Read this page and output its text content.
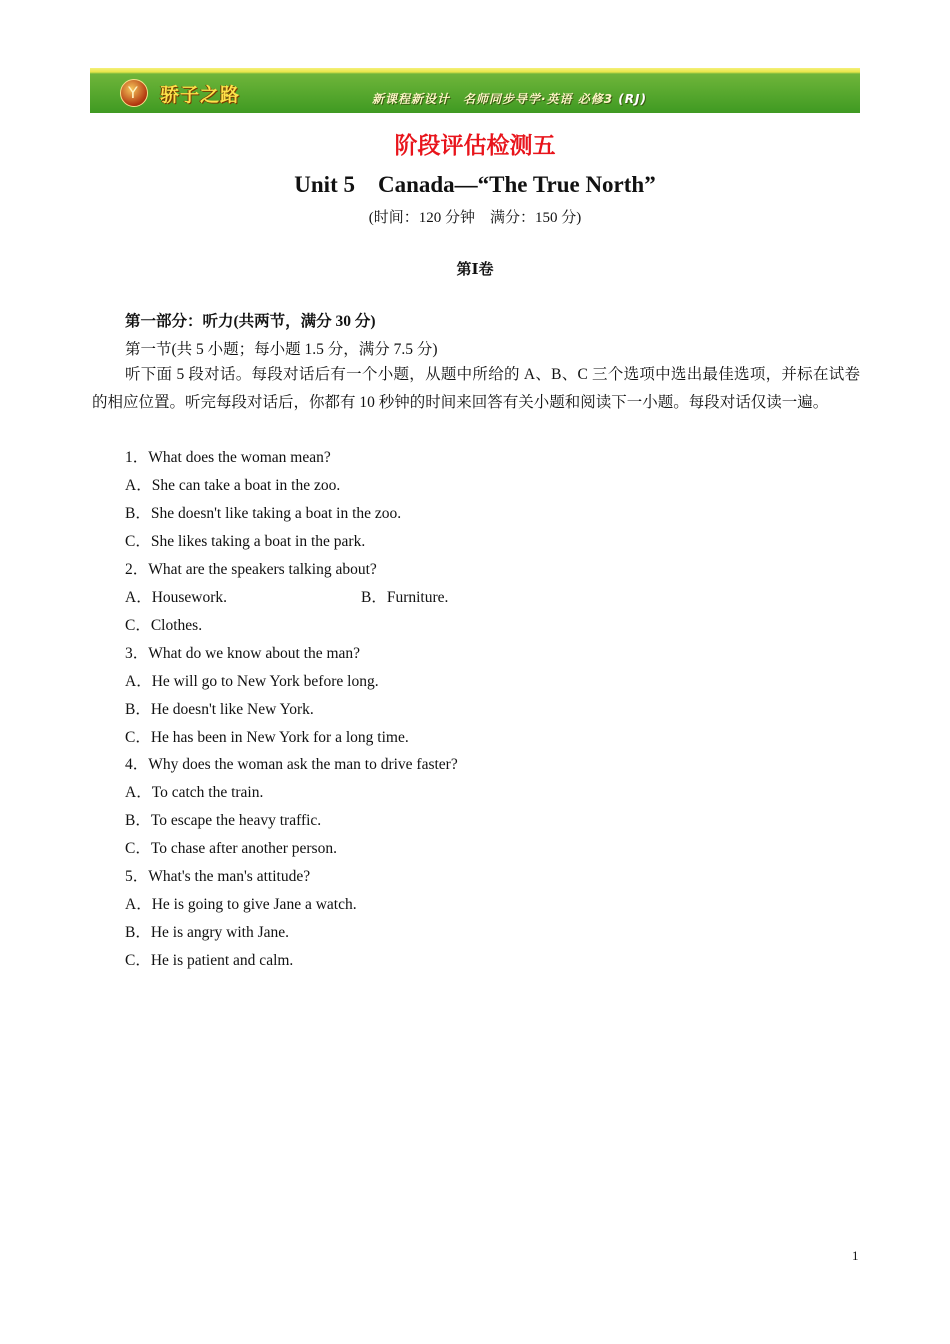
Y 骄子之路	新课程新设计　名师同步导学·英语 必修3 (RJ)
阶段评估检测五
Unit 5　Canada—“The True North”
(时间：120 分钟　满分：150 分)
第Ⅰ卷
第一部分：听力(共两节，满分 30 分)
第一节(共 5 小题；每小题 1.5 分，满分 7.5 分)
听下面 5 段对话。每段对话后有一个小题，从题中所给的 A、B、C 三个选项中选出最佳选项，并标在试卷的相应位置。听完每段对话后，你都有 10 秒钟的时间来回答有关小题和阅读下一小题。每段对话仅读一遍。
1．What does the woman mean?
A．She can take a boat in the zoo.
B．She doesn't like taking a boat in the zoo.
C．She likes taking a boat in the park.
2．What are the speakers talking about?
A．Housework.	B．Furniture.
C．Clothes.
3．What do we know about the man?
A．He will go to New York before long.
B．He doesn't like New York.
C．He has been in New York for a long time.
4．Why does the woman ask the man to drive faster?
A．To catch the train.
B．To escape the heavy traffic.
C．To chase after another person.
5．What's the man's attitude?
A．He is going to give Jane a watch.
B．He is angry with Jane.
C．He is patient and calm.
1
